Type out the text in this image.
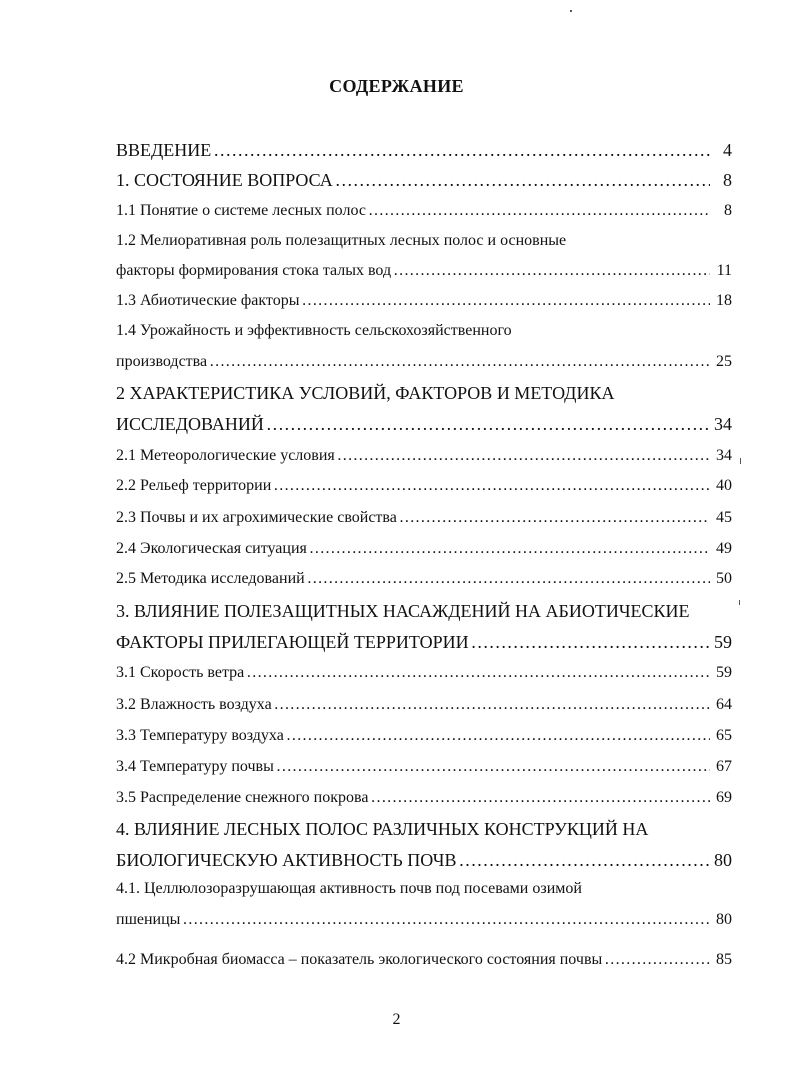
СОДЕРЖАНИЕ
ВВЕДЕНИЕ …………………………………………………………………………………………………………………………………………	4
1. СОСТОЯНИЕ ВОПРОСА …………………………………………………………………………………………………………………………………………	8
1.1 Понятие о системе лесных полос …………………………………………………………………………………………………………………………………………	8
1.2 Мелиоративная роль полезащитных лесных полос и основные
факторы формирования стока талых вод …………………………………………………………………………………………………………………………………………	11
1.3 Абиотические факторы …………………………………………………………………………………………………………………………………………	18
1.4 Урожайность и эффективность сельскохозяйственного
производства …………………………………………………………………………………………………………………………………………	25
2 ХАРАКТЕРИСТИКА УСЛОВИЙ, ФАКТОРОВ И МЕТОДИКА
ИССЛЕДОВАНИЙ …………………………………………………………………………………………………………………………………………	34
2.1 Метеорологические условия …………………………………………………………………………………………………………………………………………	34
2.2 Рельеф территории …………………………………………………………………………………………………………………………………………	40
2.3 Почвы и их агрохимические свойства …………………………………………………………………………………………………………………………………………	45
2.4 Экологическая ситуация …………………………………………………………………………………………………………………………………………	49
2.5 Методика исследований …………………………………………………………………………………………………………………………………………	50
3. ВЛИЯНИЕ ПОЛЕЗАЩИТНЫХ НАСАЖДЕНИЙ НА АБИОТИЧЕСКИЕ
ФАКТОРЫ ПРИЛЕГАЮЩЕЙ ТЕРРИТОРИИ …………………………………………………………………………………………………………………………………………	59
3.1 Скорость ветра …………………………………………………………………………………………………………………………………………	59
3.2 Влажность воздуха …………………………………………………………………………………………………………………………………………	64
3.3 Температуру воздуха …………………………………………………………………………………………………………………………………………	65
3.4 Температуру почвы …………………………………………………………………………………………………………………………………………	67
3.5 Распределение снежного покрова …………………………………………………………………………………………………………………………………………	69
4. ВЛИЯНИЕ ЛЕСНЫХ ПОЛОС РАЗЛИЧНЫХ КОНСТРУКЦИЙ НА
БИОЛОГИЧЕСКУЮ АКТИВНОСТЬ ПОЧВ …………………………………………………………………………………………………………………………………………	80
4.1. Целлюлозоразрушающая активность почв под посевами озимой
пшеницы …………………………………………………………………………………………………………………………………………	80
4.2 Микробная биомасса – показатель экологического состояния почвы …………………………………………………………………………………………………………………………………………	85
2
